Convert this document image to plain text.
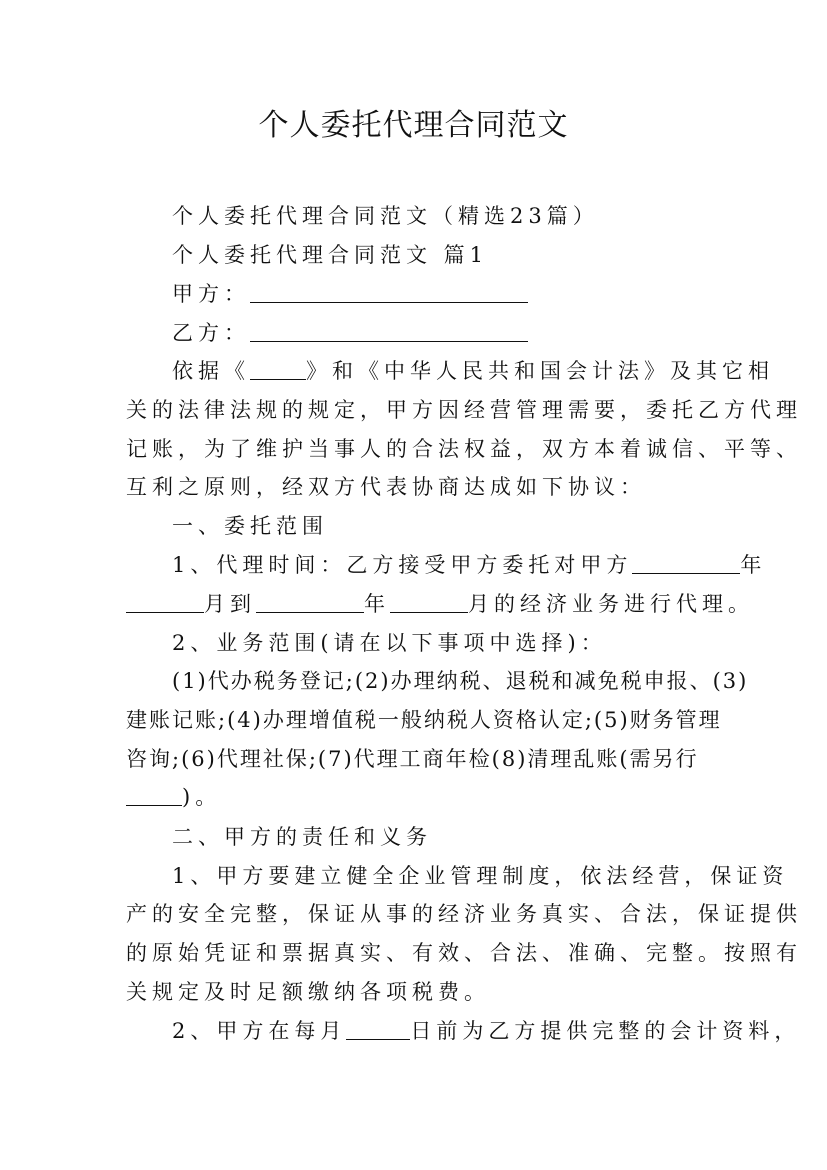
个人委托代理合同范文
个人委托代理合同范文（精选23篇）
个人委托代理合同范文 篇1
甲方：
乙方：
依据《	》和《中华人民共和国会计法》及其它相
关的法律法规的规定，甲方因经营管理需要，委托乙方代理
记账，为了维护当事人的合法权益，双方本着诚信、平等、
互利之原则，经双方代表协商达成如下协议：
一、委托范围
1、代理时间：乙方接受甲方委托对甲方	年
月到	年	月的经济业务进行代理。
2、业务范围(请在以下事项中选择)：
(1)代办税务登记;(2)办理纳税、退税和减免税申报、(3)
建账记账;(4)办理增值税一般纳税人资格认定;(5)财务管理
咨询;(6)代理社保;(7)代理工商年检(8)清理乱账(需另行
)。
二、甲方的责任和义务
1、甲方要建立健全企业管理制度，依法经营，保证资
产的安全完整，保证从事的经济业务真实、合法，保证提供
的原始凭证和票据真实、有效、合法、准确、完整。按照有
关规定及时足额缴纳各项税费。
2、甲方在每月	日前为乙方提供完整的会计资料，
